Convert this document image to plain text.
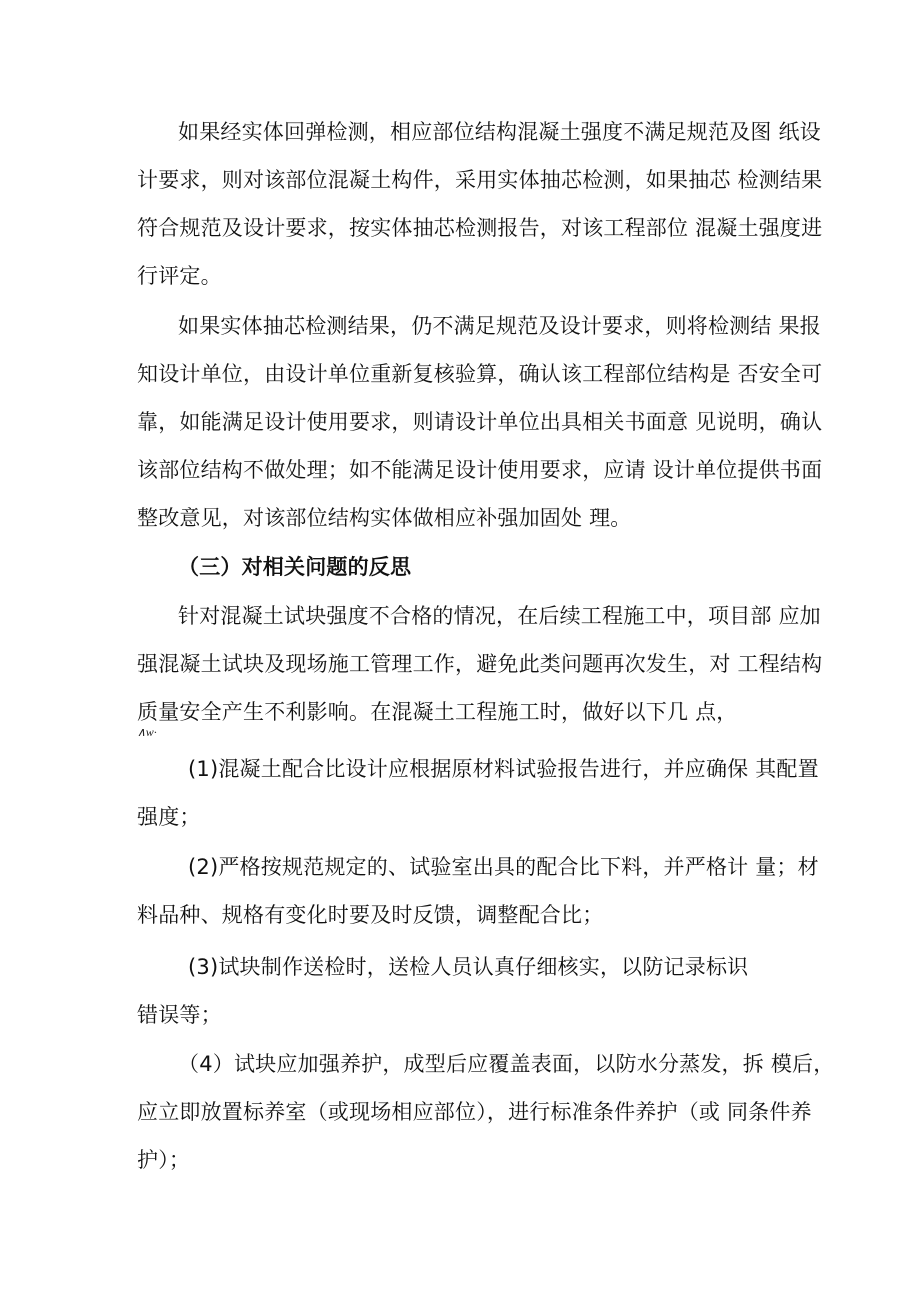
如果经实体回弹检测，相应部位结构混凝土强度不满足规范及图 纸设

计要求，则对该部位混凝土构件，采用实体抽芯检测，如果抽芯 检测结果

符合规范及设计要求，按实体抽芯检测报告，对该工程部位 混凝土强度进

行评定。

如果实体抽芯检测结果，仍不满足规范及设计要求，则将检测结 果报

知设计单位，由设计单位重新复核验算，确认该工程部位结构是 否安全可

靠，如能满足设计使用要求，则请设计单位出具相关书面意 见说明，确认

该部位结构不做处理；如不能满足设计使用要求，应请 设计单位提供书面

整改意见，对该部位结构实体做相应补强加固处 理。

（三）对相关问题的反思

针对混凝土试块强度不合格的情况，在后续工程施工中，项目部 应加

强混凝土试块及现场施工管理工作，避免此类问题再次发生，对 工程结构

质量安全产生不利影响。在混凝土工程施工时，做好以下几 点，

∧w·

(1)混凝土配合比设计应根据原材料试验报告进行，并应确保 其配置

强度；

(2)严格按规范规定的、试验室出具的配合比下料，并严格计 量；材

料品种、规格有变化时要及时反馈，调整配合比；

(3)试块制作送检时，送检人员认真仔细核实，以防记录标识

错误等；

（4）试块应加强养护，成型后应覆盖表面，以防水分蒸发，拆 模后，

应立即放置标养室（或现场相应部位），进行标准条件养护（或 同条件养

护）；
